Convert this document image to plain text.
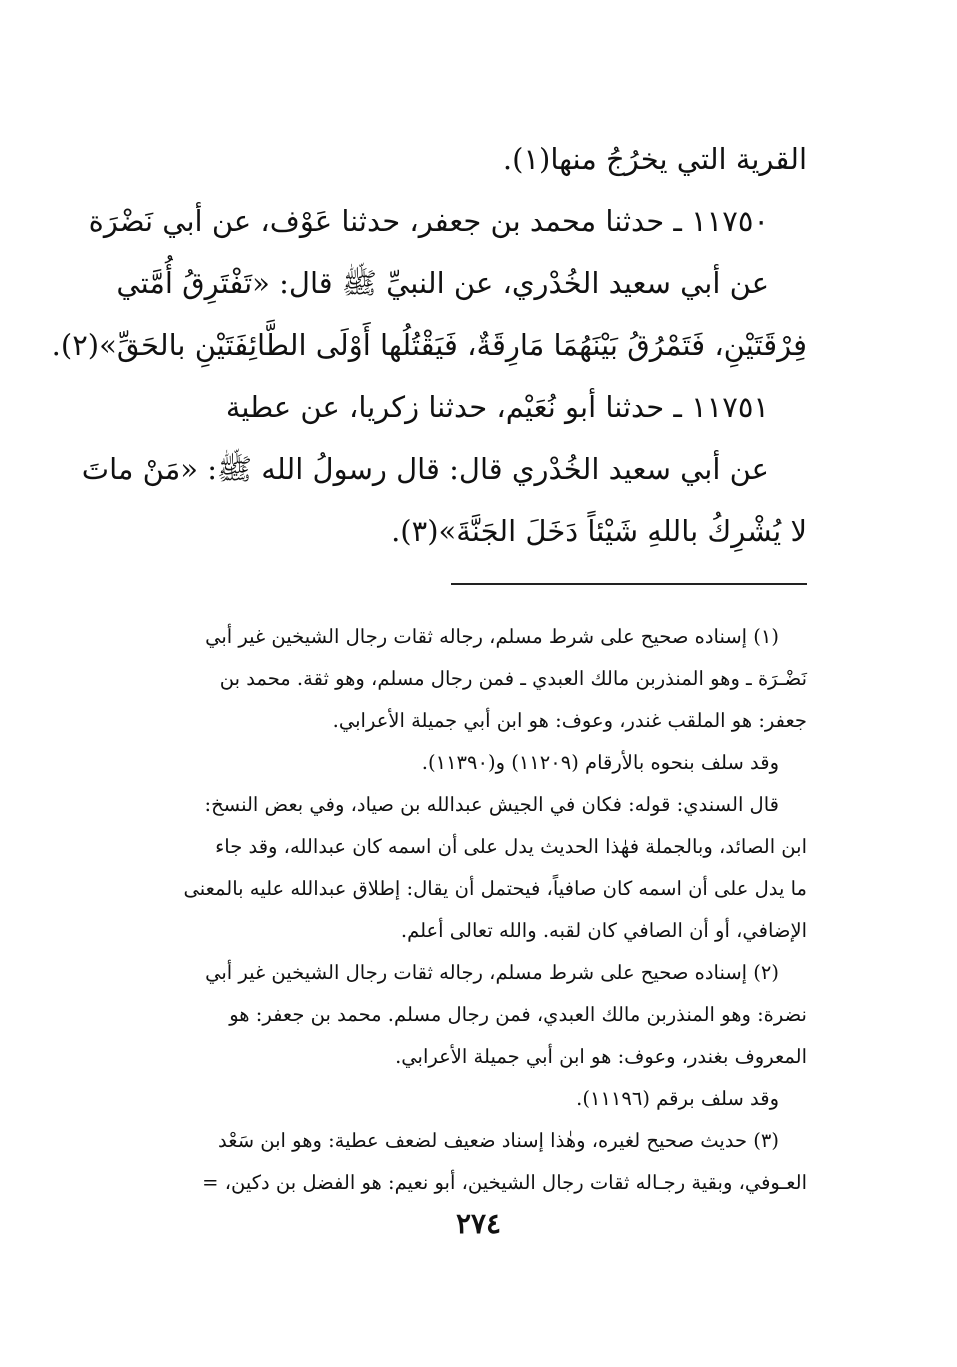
القرية التي يخرُجُ منها(١).

١١٧٥٠ ـ حدثنا محمد بن جعفر، حدثنا عَوْف، عن أبي نَضْرَة

عن أبي سعيد الخُدْري، عن النبيِّ ﷺ قال: «تَفْتَرِقُ أُمَّتي

فِرْقَتَيْنِ، فَتَمْرُقُ بَيْنَهُمَا مَارِقَةٌ، فَيَقْتُلُها أَوْلَى الطَّائِفَتَيْنِ بالحَقِّ»(٢).

١١٧٥١ ـ حدثنا أبو نُعَيْم، حدثنا زكريا، عن عطية

عن أبي سعيد الخُدْري قال: قال رسولُ الله ﷺ: «مَنْ ماتَ

لا يُشْرِكُ باللهِ شَيْئاً دَخَلَ الجَنَّةَ»(٣).

(١) إسناده صحيح على شرط مسلم، رجاله ثقات رجال الشيخين غير أبي

نَضْـرَة ـ وهو المنذربن مالك العبدي ـ فمن رجال مسلم، وهو ثقة. محمد بن

جعفر: هو الملقب غندر، وعوف: هو ابن أبي جميلة الأعرابي.

وقد سلف بنحوه بالأرقام (١١٢٠٩) و(١١٣٩٠).

قال السندي: قوله: فكان في الجيش عبدالله بن صياد، وفي بعض النسخ:

ابن الصائد، وبالجملة فهٰذا الحديث يدل على أن اسمه كان عبدالله، وقد جاء

ما يدل على أن اسمه كان صافياً، فيحتمل أن يقال: إطلاق عبدالله عليه بالمعنى

الإضافي، أو أن الصافي كان لقبه. والله تعالى أعلم.

(٢) إسناده صحيح على شرط مسلم، رجاله ثقات رجال الشيخين غير أبي

نضرة: وهو المنذربن مالك العبدي، فمن رجال مسلم. محمد بن جعفر: هو

المعروف بغندر، وعوف: هو ابن أبي جميلة الأعرابي.

وقد سلف برقم (١١١٩٦).

(٣) حديث صحيح لغيره، وهٰذا إسناد ضعيف لضعف عطية: وهو ابن سَعْد

العـوفي، وبقية رجـاله ثقات رجال الشيخين، أبو نعيم: هو الفضل بن دكين، =

٢٧٤
